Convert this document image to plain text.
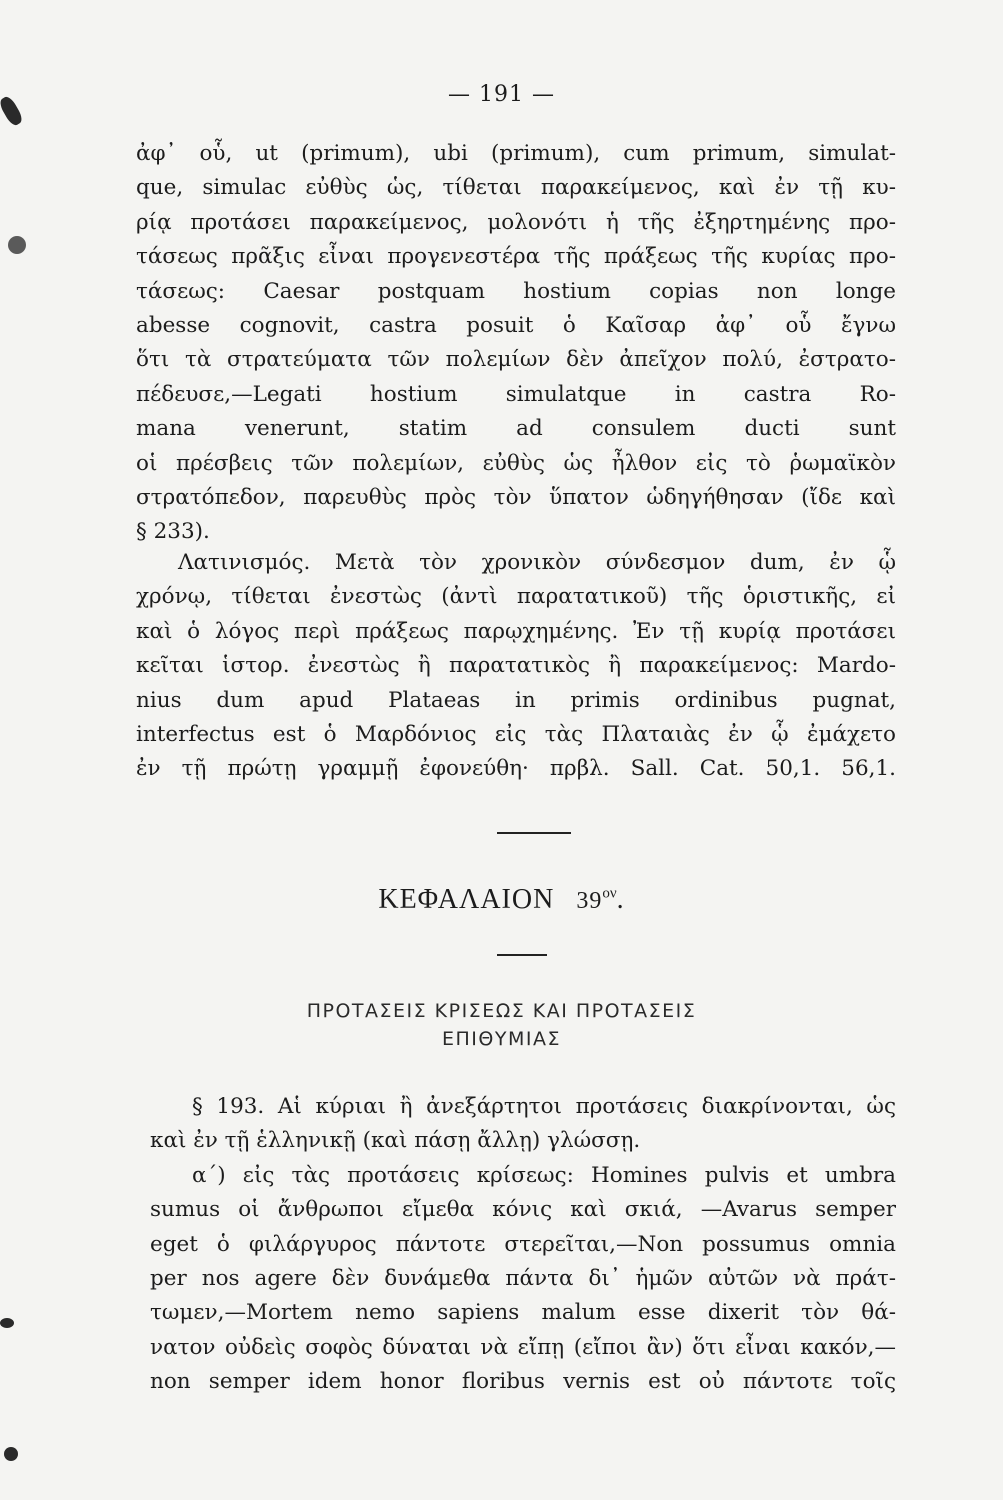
— 191 —
ἀφ᾿ οὗ, ut (primum), ubi (primum), cum primum, simulat-
que, simulac εὐθὺς ὡς, τίθεται παρακείμενος, καὶ ἐν τῇ κυ-
ρίᾳ προτάσει παρακείμενος, μολονότι ἡ τῆς ἐξηρτημένης προ-
τάσεως πρᾶξις εἶναι προγενεστέρα τῆς πράξεως τῆς κυρίας προ-
τάσεως: Caesar postquam hostium copias non longe
abesse cognovit, castra posuit ὁ Καῖσαρ ἀφ᾿ οὗ ἔγνω
ὅτι τὰ στρατεύματα τῶν πολεμίων δὲν ἀπεῖχον πολύ, ἐστρατο-
πέδευσε,—Legati hostium simulatque in castra Ro-
mana venerunt, statim ad consulem ducti sunt
οἱ πρέσβεις τῶν πολεμίων, εὐθὺς ὡς ἦλθον εἰς τὸ ῥωμαϊκὸν
στρατόπεδον, παρευθὺς πρὸς τὸν ὕπατον ὡδηγήθησαν (ἴδε καὶ
§ 233).
Λατινισμός. Μετὰ τὸν χρονικὸν σύνδεσμον dum, ἐν ᾧ
χρόνῳ, τίθεται ἐνεστὼς (ἀντὶ παρατατικοῦ) τῆς ὁριστικῆς, εἰ
καὶ ὁ λόγος περὶ πράξεως παρῳχημένης. Ἐν τῇ κυρίᾳ προτάσει
κεῖται ἱστορ. ἐνεστὼς ἢ παρατατικὸς ἢ παρακείμενος: Mardo-
nius dum apud Plataeas in primis ordinibus pugnat,
interfectus est ὁ Μαρδόνιος εἰς τὰς Πλαταιὰς ἐν ᾧ ἐμάχετο
ἐν τῇ πρώτῃ γραμμῇ ἐφονεύθη· πρβλ. Sall. Cat. 50,1. 56,1.
ΚΕΦΑΛΑΙΟΝ $39^{o\nu}$.
ΠΡΟΤΑΣΕΙΣ ΚΡΙΣΕΩΣ ΚΑΙ ΠΡΟΤΑΣΕΙΣ
ΕΠΙΘΥΜΙΑΣ
§ 193. Αἱ κύριαι ἢ ἀνεξάρτητοι προτάσεις διακρίνονται, ὡς
καὶ ἐν τῇ ἑλληνικῇ (καὶ πάσῃ ἄλλῃ) γλώσσῃ.
α΄) εἰς τὰς προτάσεις κρίσεως: Homines pulvis et umbra
sumus οἱ ἄνθρωποι εἴμεθα κόνις καὶ σκιά, —Avarus semper
eget ὁ φιλάργυρος πάντοτε στερεῖται,—Non possumus omnia
per nos agere δὲν δυνάμεθα πάντα δι᾿ ἡμῶν αὐτῶν νὰ πράτ-
τωμεν,—Mortem nemo sapiens malum esse dixerit τὸν θά-
νατον οὐδεὶς σοφὸς δύναται νὰ εἴπῃ (εἴποι ἂν) ὅτι εἶναι κακόν,—
non semper idem honor floribus vernis est οὐ πάντοτε τοῖς
